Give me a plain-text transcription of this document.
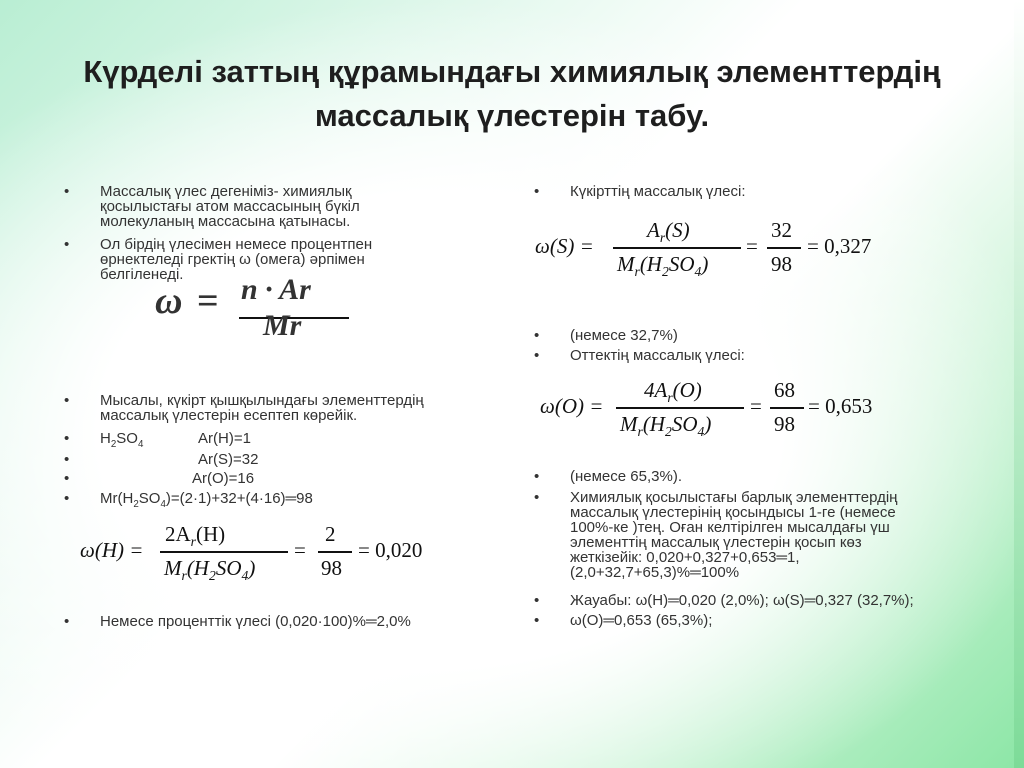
Күрделі заттың құрамындағы химиялық элементтердің
массалық үлестерін табу.
• Массалық үлес дегеніміз- химиялық
қосылыстағы атом массасының бүкіл
молекуланың массасына қатынасы.
• Ол бірдің үлесімен немесе процентпен
өрнектеледі гректің ω (омега) әрпімен
белгіленеді.
ω = n · Ar
Mr
• Мысалы, күкірт қышқылындағы элементтердің
массалық үлестерін есептеп көрейік.
• $H_2SO_4$	Ar(H)=1
•	Ar(S)=32
•	Ar(O)=16
• $Mr(H_2SO_4)=(2\cdot 1)+32+(4\cdot 16)═98$
ω(H) =
$2A_r(H)$
$M_r(H_2SO_4)$
=
2
98
= 0,020
• Немесе проценттік үлесі (0,020·100)%═2,0%
• Күкірттің массалық үлесі:
ω(S) =
$A_r(S)$
$M_r(H_2SO_4)$
=
32
98
= 0,327
• (немесе 32,7%)
• Оттектің массалық үлесі:
ω(O) =
$4A_r(O)$
$M_r(H_2SO_4)$
=
68
98
= 0,653
• (немесе 65,3%).
• Химиялық қосылыстағы барлық элементтердің
массалық үлестерінің қосындысы 1-ге (немесе
100%-ке )тең. Оған келтірілген мысалдағы үш
элементтің массалық үлестерін қосып көз
жеткізейік: 0,020+0,327+0,653═1,
(2,0+32,7+65,3)%═100%
• Жауабы: ω(H)═0,020 (2,0%); ω(S)═0,327 (32,7%);
• ω(O)═0,653 (65,3%);
